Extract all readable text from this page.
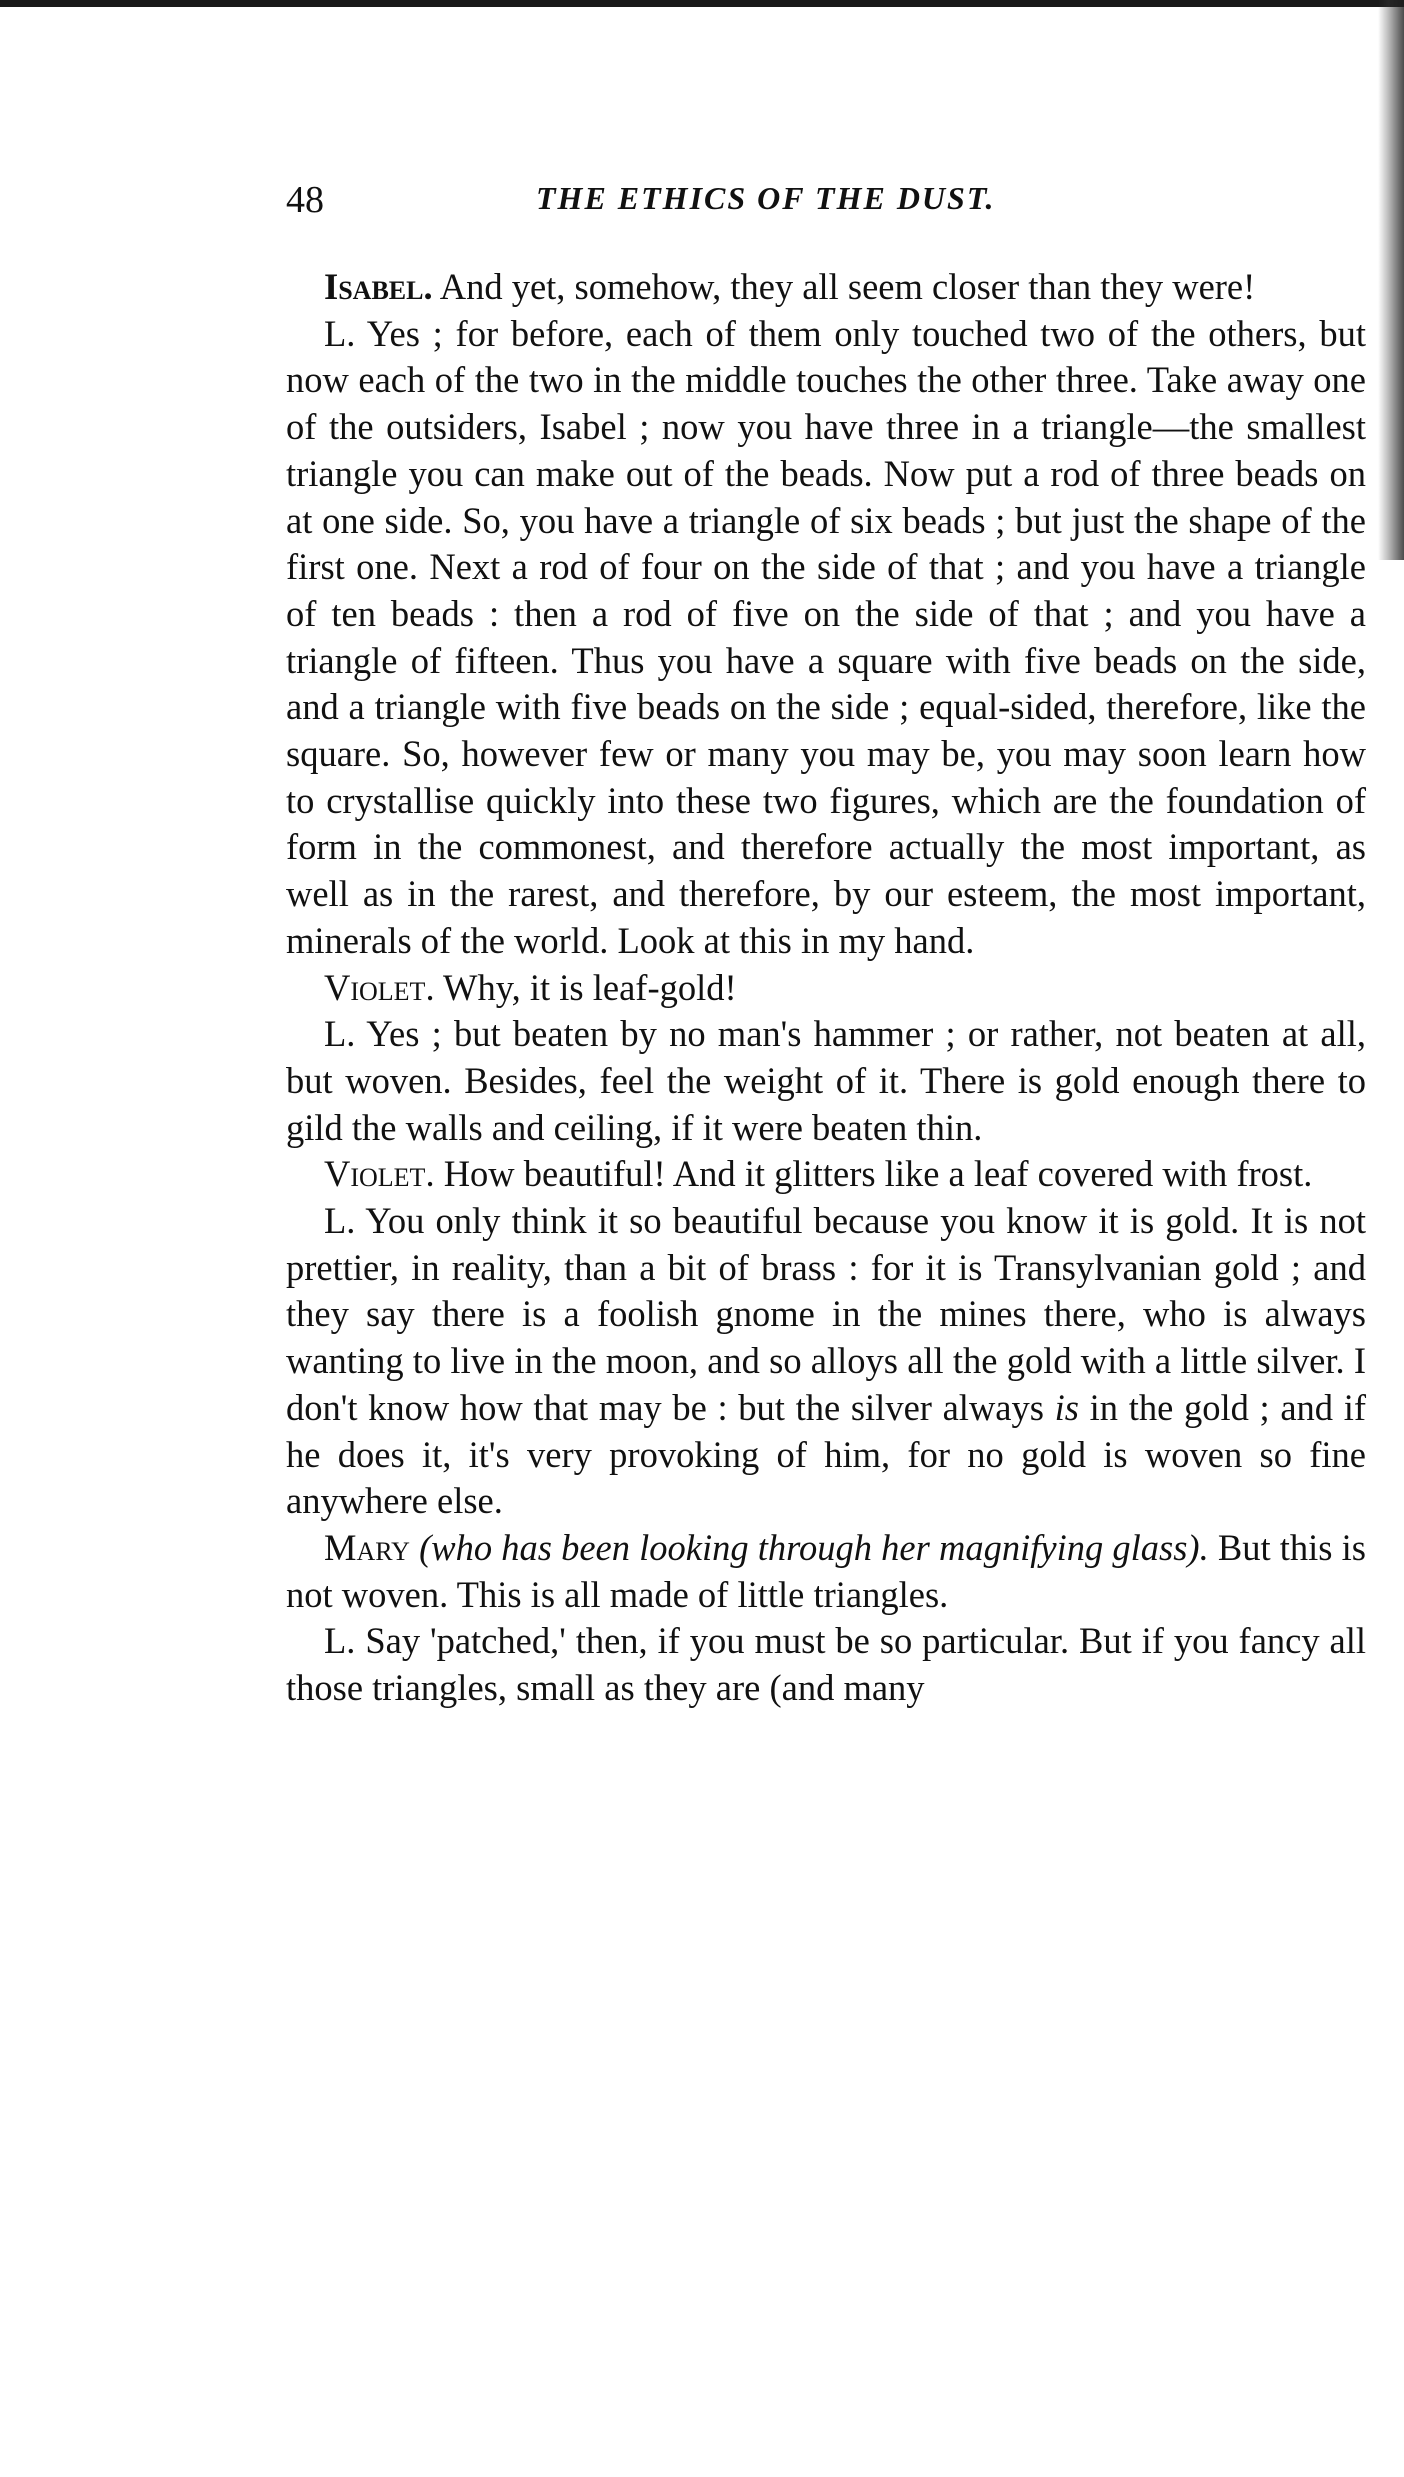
48	THE ETHICS OF THE DUST.

Isabel. And yet, somehow, they all seem closer than they were!

L. Yes ; for before, each of them only touched two of the others, but now each of the two in the middle touches the other three. Take away one of the outsiders, Isabel ; now you have three in a triangle—the smallest triangle you can make out of the beads. Now put a rod of three beads on at one side. So, you have a triangle of six beads ; but just the shape of the first one. Next a rod of four on the side of that ; and you have a triangle of ten beads : then a rod of five on the side of that ; and you have a triangle of fifteen. Thus you have a square with five beads on the side, and a triangle with five beads on the side ; equal-sided, therefore, like the square. So, however few or many you may be, you may soon learn how to crystallise quickly into these two figures, which are the foundation of form in the commonest, and therefore actually the most important, as well as in the rarest, and therefore, by our esteem, the most important, minerals of the world. Look at this in my hand.

Violet. Why, it is leaf-gold!

L. Yes ; but beaten by no man's hammer ; or rather, not beaten at all, but woven. Besides, feel the weight of it. There is gold enough there to gild the walls and ceiling, if it were beaten thin.

Violet. How beautiful! And it glitters like a leaf covered with frost.

L. You only think it so beautiful because you know it is gold. It is not prettier, in reality, than a bit of brass : for it is Transylvanian gold ; and they say there is a foolish gnome in the mines there, who is always wanting to live in the moon, and so alloys all the gold with a little silver. I don't know how that may be : but the silver always is in the gold ; and if he does it, it's very provoking of him, for no gold is woven so fine anywhere else.

Mary (who has been looking through her magnifying glass). But this is not woven. This is all made of little triangles.

L. Say 'patched,' then, if you must be so particular. But if you fancy all those triangles, small as they are (and many
